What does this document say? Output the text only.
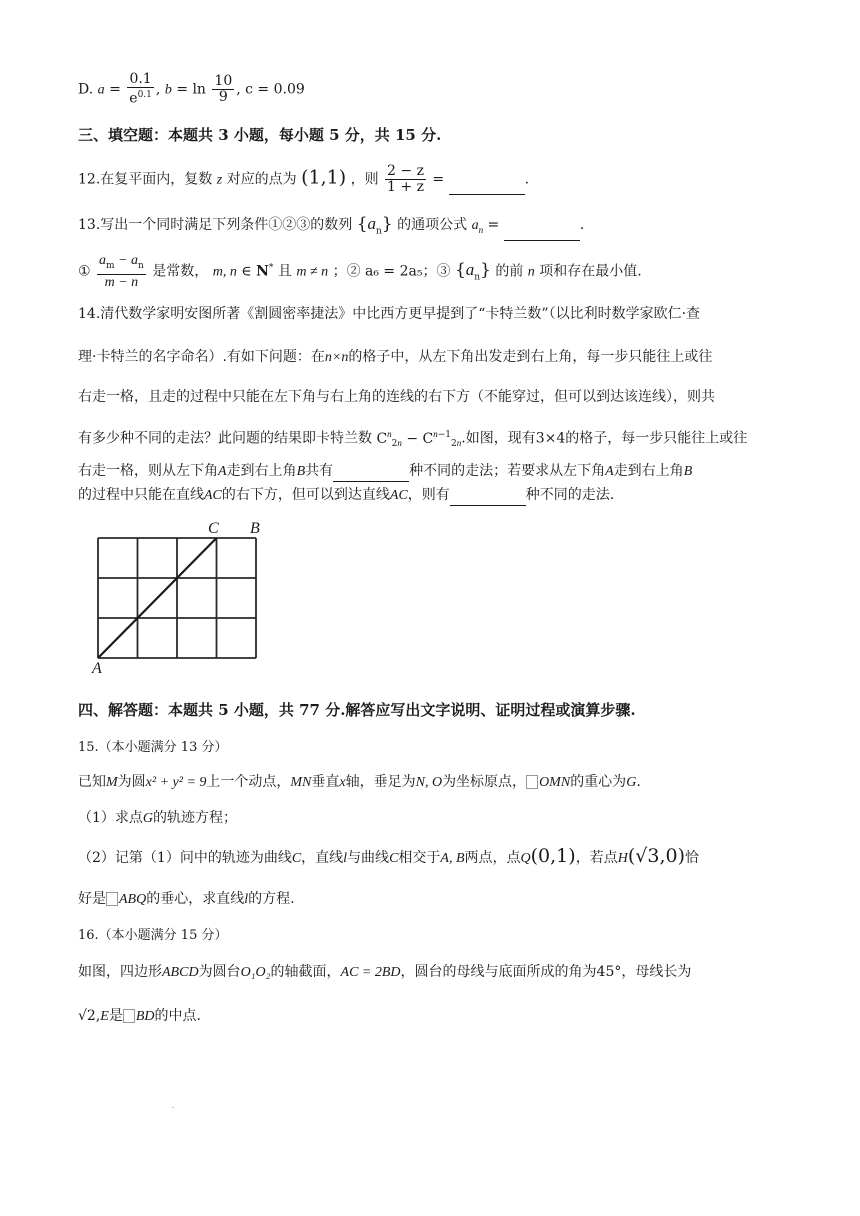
D. $a = \frac{0.1}{e^{0.1}}$ , $b = \ln \frac{10}{9}$ , c = 0.09
三、填空题：本题共 3 小题，每小题 5 分，共 15 分.
12.在复平面内，复数 z 对应的点为 (1,1) ，则 $\frac{2 - z}{1 + z}$ =	.
13.写出一个同时满足下列条件①②③的数列 $\{a_n\}$ 的通项公式 $a_n$ =	.
① $\frac{a_m - a_n}{m - n}$ 是常数， m, n ∈ N* 且 m ≠ n ；② a₆ = 2a₅；③ $\{a_n\}$ 的前 n 项和存在最小值.
14.清代数学家明安图所著《割圆密率捷法》中比西方更早提到了“卡特兰数”（以比利时数学家欧仁·查
理·卡特兰的名字命名）.有如下问题：在n×n的格子中，从左下角出发走到右上角，每一步只能往上或往
右走一格，且走的过程中只能在左下角与右上角的连线的右下方（不能穿过，但可以到达该连线），则共
有多少种不同的走法？此问题的结果即卡特兰数 $C^n_{2n} - C^{n-1}_{2n}$.如图，现有3×4的格子，每一步只能往上或往
右走一格，则从左下角A走到右上角B共有	种不同的走法；若要求从左下角A走到右上角B
的过程中只能在直线AC的右下方，但可以到达直线AC，则有	种不同的走法.
A
C B
四、解答题：本题共 5 小题，共 77 分.解答应写出文字说明、证明过程或演算步骤.
15.（本小题满分 13 分）
已知M为圆x² + y² = 9上一个动点，MN垂直x轴，垂足为N, O为坐标原点， OMN的重心为G.
（1）求点G的轨迹方程；
（2）记第（1）问中的轨迹为曲线C，直线l与曲线C相交于A, B两点，点Q(0,1)，若点H(√3,0)恰
好是 ABQ的垂心，求直线l的方程.
16.（本小题满分 15 分）
如图，四边形ABCD为圆台O₁O₂的轴截面，AC = 2BD，圆台的母线与底面所成的角为45°，母线长为
√2,E是 BD的中点.
